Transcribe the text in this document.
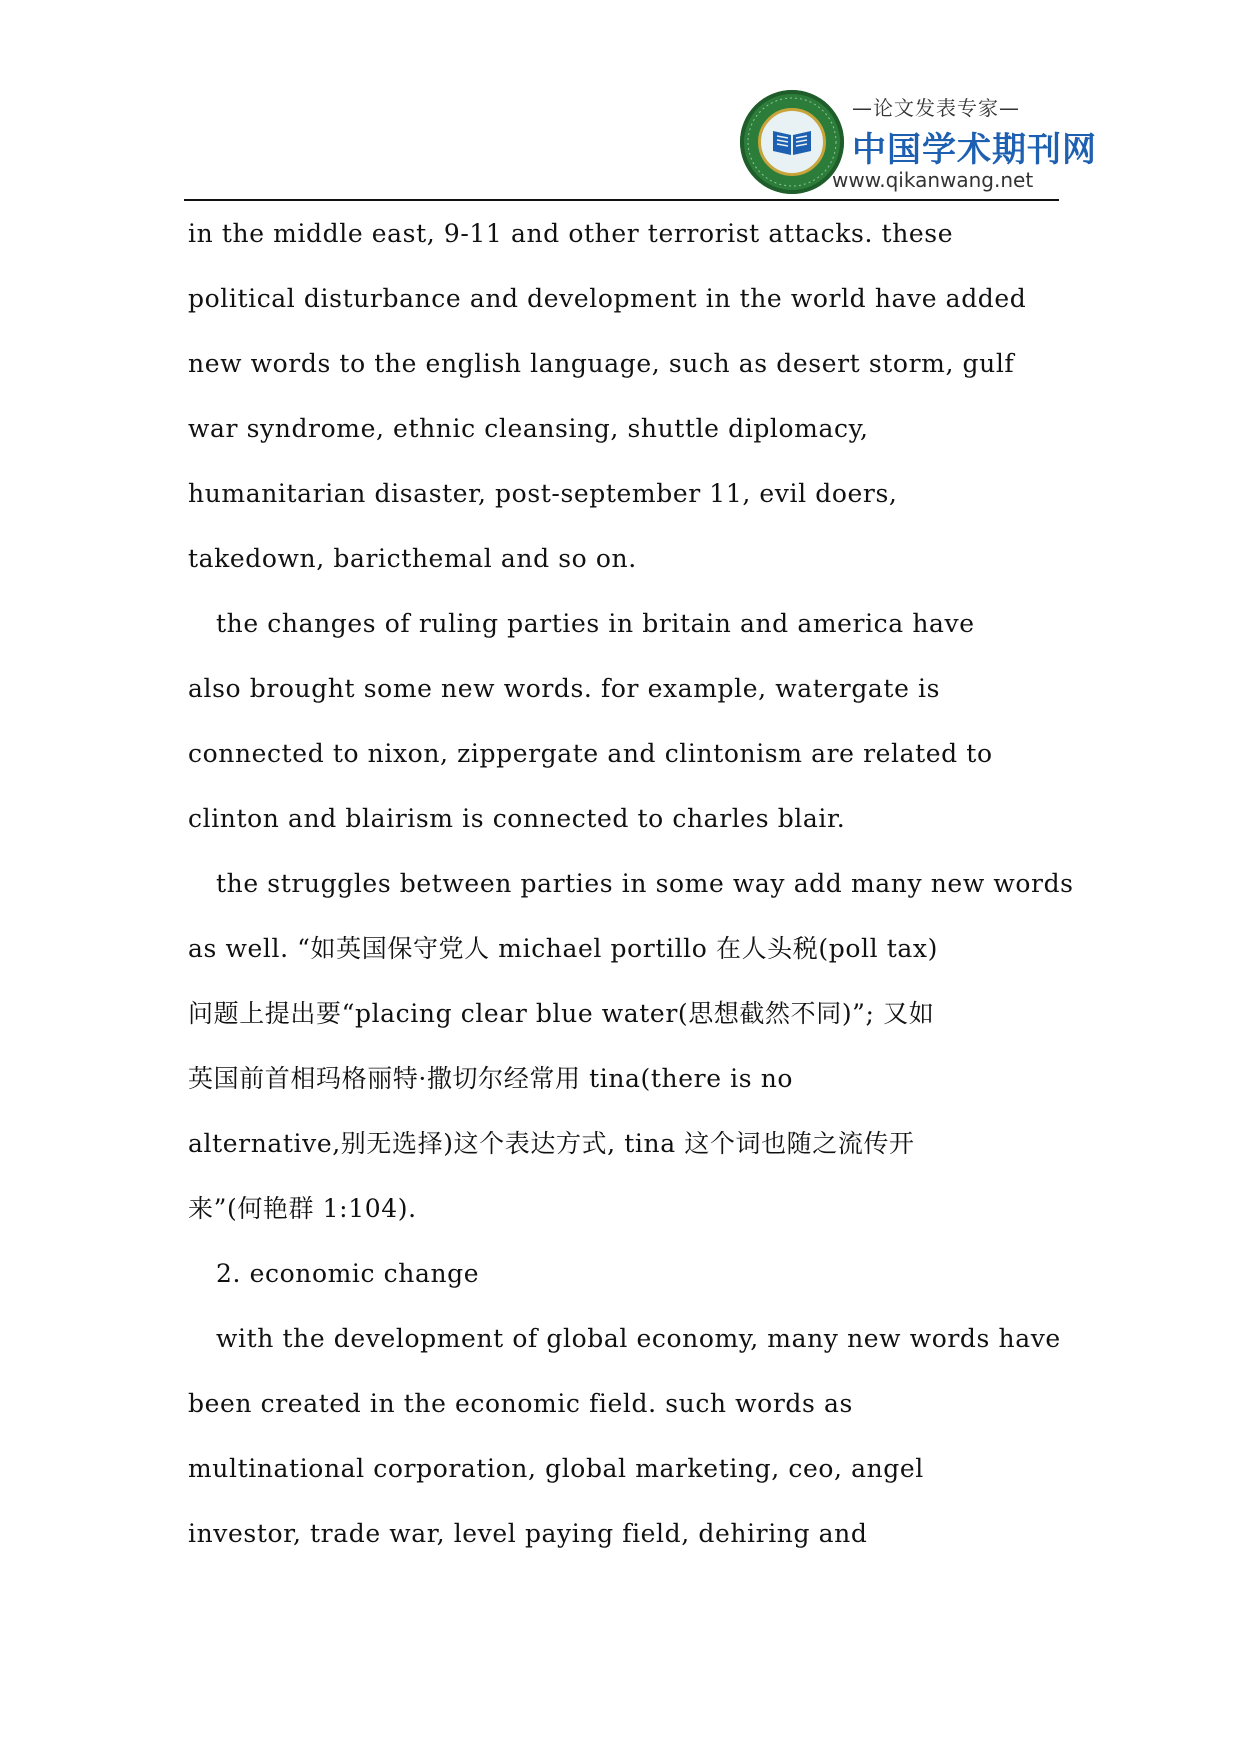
—论文发表专家—
中国学术期刊网
www.qikanwang.net
in the middle east, 9-11 and other terrorist attacks. these
political disturbance and development in the world have added
new words to the english language, such as desert storm, gulf
war syndrome, ethnic cleansing, shuttle diplomacy,
humanitarian disaster, post-september 11, evil doers,
takedown, baricthemal and so on.
the changes of ruling parties in britain and america have
also brought some new words. for example, watergate is
connected to nixon, zippergate and clintonism are related to
clinton and blairism is connected to charles blair.
the struggles between parties in some way add many new words
as well. “如英国保守党人 michael portillo 在人头税(poll tax)
问题上提出要“placing clear blue water(思想截然不同)”; 又如
英国前首相玛格丽特·撒切尔经常用 tina(there is no
alternative,别无选择)这个表达方式, tina 这个词也随之流传开
来”(何艳群 1:104).
2. economic change
with the development of global economy, many new words have
been created in the economic field. such words as
multinational corporation, global marketing, ceo, angel
investor, trade war, level paying field, dehiring and
